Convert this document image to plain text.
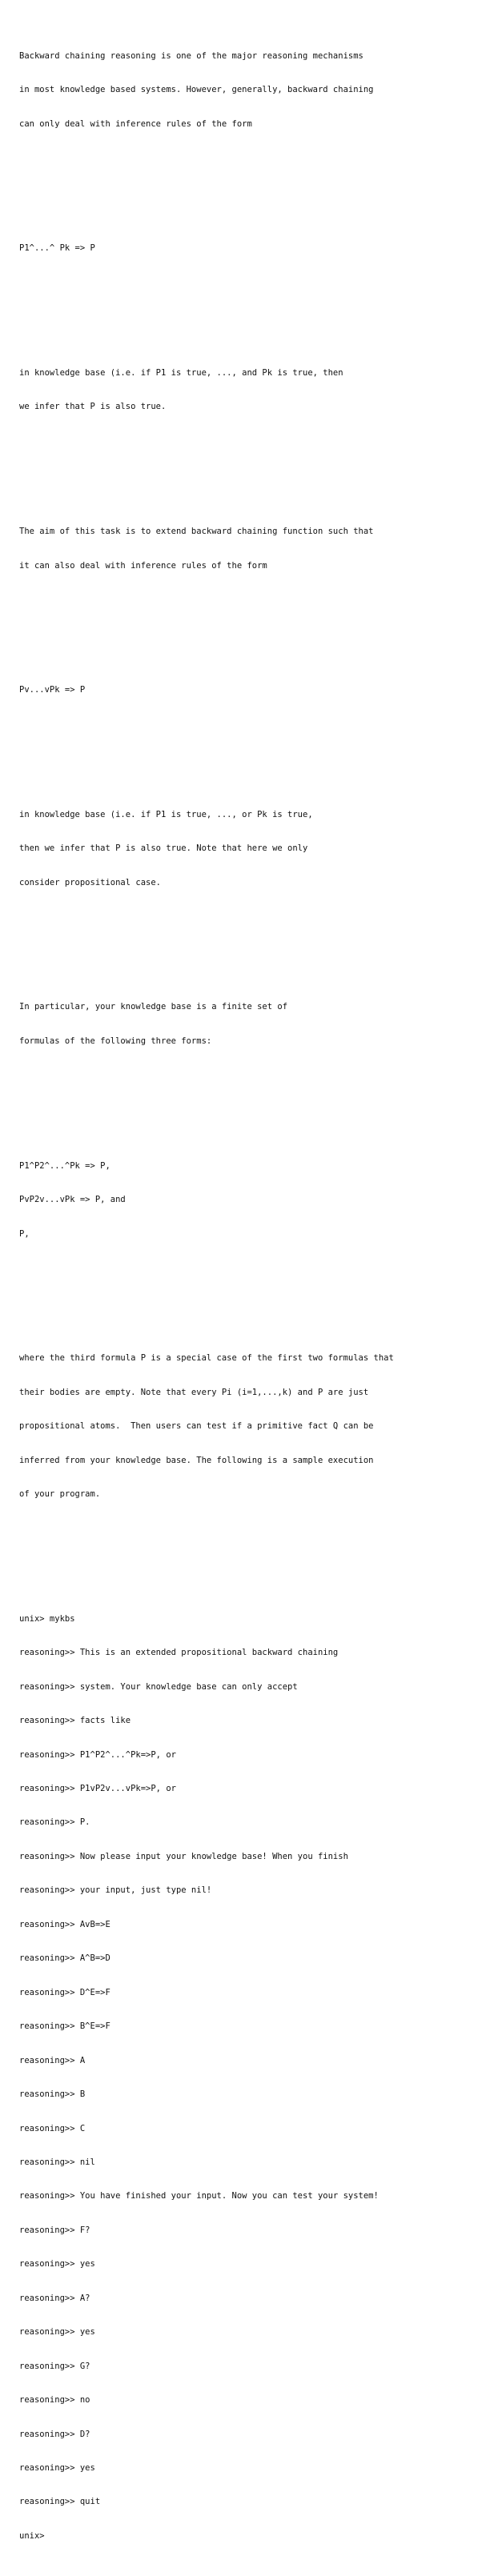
Backward chaining reasoning is one of the major reasoning mechanisms

in most knowledge based systems. However, generally, backward chaining

can only deal with inference rules of the form

P1^...^ Pk => P

in knowledge base (i.e. if P1 is true, ..., and Pk is true, then

we infer that P is also true.

The aim of this task is to extend backward chaining function such that

it can also deal with inference rules of the form

Pv...vPk => P

in knowledge base (i.e. if P1 is true, ..., or Pk is true,

then we infer that P is also true. Note that here we only

consider propositional case.

In particular, your knowledge base is a finite set of

formulas of the following three forms:

P1^P2^...^Pk => P,

PvP2v...vPk => P, and

P,

where the third formula P is a special case of the first two formulas that

their bodies are empty. Note that every Pi (i=1,...,k) and P are just

propositional atoms.  Then users can test if a primitive fact Q can be

inferred from your knowledge base. The following is a sample execution

of your program.

unix> mykbs

reasoning>> This is an extended propositional backward chaining

reasoning>> system. Your knowledge base can only accept

reasoning>> facts like

reasoning>> P1^P2^...^Pk=>P, or

reasoning>> P1vP2v...vPk=>P, or

reasoning>> P.

reasoning>> Now please input your knowledge base! When you finish

reasoning>> your input, just type nil!

reasoning>> AvB=>E

reasoning>> A^B=>D

reasoning>> D^E=>F

reasoning>> B^E=>F

reasoning>> A

reasoning>> B

reasoning>> C

reasoning>> nil

reasoning>> You have finished your input. Now you can test your system!

reasoning>> F?

reasoning>> yes

reasoning>> A?

reasoning>> yes

reasoning>> G?

reasoning>> no

reasoning>> D?

reasoning>> yes

reasoning>> quit

unix>
